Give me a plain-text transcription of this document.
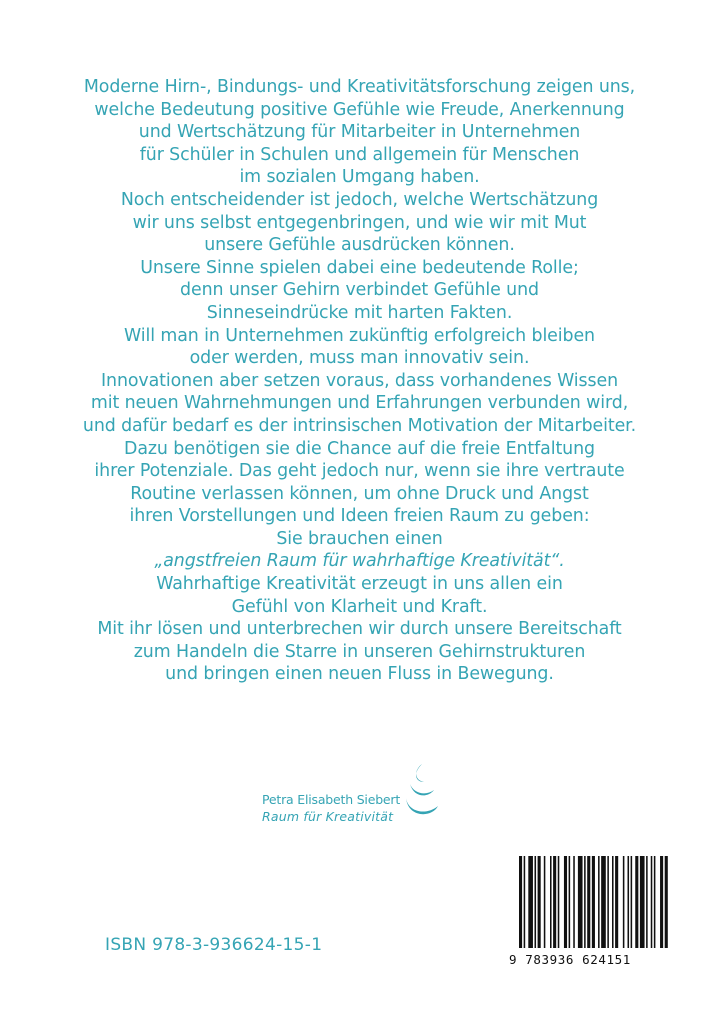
Moderne Hirn-, Bindungs- und Kreativitätsforschung zeigen uns,
welche Bedeutung positive Gefühle wie Freude, Anerkennung
und Wertschätzung für Mitarbeiter in Unternehmen
für Schüler in Schulen und allgemein für Menschen
im sozialen Umgang haben.
Noch entscheidender ist jedoch, welche Wertschätzung
wir uns selbst entgegenbringen, und wie wir mit Mut
unsere Gefühle ausdrücken können.
Unsere Sinne spielen dabei eine bedeutende Rolle;
denn unser Gehirn verbindet Gefühle und
Sinneseindrücke mit harten Fakten.
Will man in Unternehmen zukünftig erfolgreich bleiben
oder werden, muss man innovativ sein.
Innovationen aber setzen voraus, dass vorhandenes Wissen
mit neuen Wahrnehmungen und Erfahrungen verbunden wird,
und dafür bedarf es der intrinsischen Motivation der Mitarbeiter.
Dazu benötigen sie die Chance auf die freie Entfaltung
ihrer Potenziale. Das geht jedoch nur, wenn sie ihre vertraute
Routine verlassen können, um ohne Druck und Angst
ihren Vorstellungen und Ideen freien Raum zu geben:
Sie brauchen einen
„angstfreien Raum für wahrhaftige Kreativität“.
Wahrhaftige Kreativität erzeugt in uns allen ein
Gefühl von Klarheit und Kraft.
Mit ihr lösen und unterbrechen wir durch unsere Bereitschaft
zum Handeln die Starre in unseren Gehirnstrukturen
und bringen einen neuen Fluss in Bewegung.
Petra Elisabeth Siebert
Raum für Kreativität
ISBN 978-3-936624-15-1
9 783936 624151
